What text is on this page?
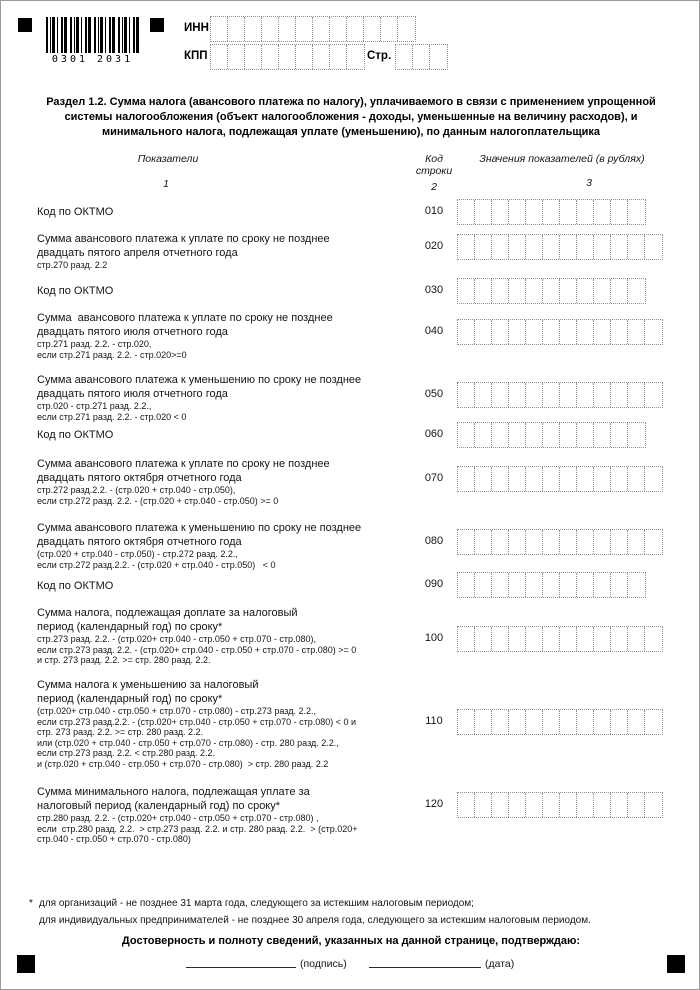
0301 2031
ИНН
КПП	Стр.
Раздел 1.2. Сумма налога (авансового платежа по налогу), уплачиваемого в связи с применением упрощенной системы налогообложения (объект налогообложения - доходы, уменьшенные на величину расходов), и минимального налога, подлежащая уплате (уменьшению), по данным налогоплательщика
Показатели	Код
строки
Значения показателей (в рублях)
1	2	3
Код по ОКТМО	010
Сумма авансового платежа к уплате по сроку не позднее
двадцать пятого апреля отчетного года
стр.270 разд. 2.2
020
Код по ОКТМО	030
Сумма  авансового платежа к уплате по сроку не позднее
двадцать пятого июля отчетного года
стр.271 разд. 2.2. - стр.020,
если стр.271 разд. 2.2. - стр.020>=0
040
Сумма авансового платежа к уменьшению по сроку не позднее
двадцать пятого июля отчетного года
стр.020 - стр.271 разд. 2.2.,
если стр.271 разд. 2.2. - стр.020 < 0
050
Код по ОКТМО	060
Сумма авансового платежа к уплате по сроку не позднее
двадцать пятого октября отчетного года
стр.272 разд.2.2. - (стр.020 + стр.040 - стр.050),
если стр.272 разд. 2.2. - (стр.020 + стр.040 - стр.050) >= 0
070
Сумма авансового платежа к уменьшению по сроку не позднее
двадцать пятого октября отчетного года
(стр.020 + стр.040 - стр.050) - стр.272 разд. 2.2.,
если стр.272 разд.2.2. - (стр.020 + стр.040 - стр.050)   < 0
080
Код по ОКТМО	090
Сумма налога, подлежащая доплате за налоговый
период (календарный год) по сроку*
стр.273 разд. 2.2. - (стр.020+ стр.040 - стр.050 + стр.070 - стр.080),
если стр.273 разд. 2.2. - (стр.020+ стр.040 - стр.050 + стр.070 - стр.080) >= 0
и стр. 273 разд. 2.2. >= стр. 280 разд. 2.2.
100
Сумма налога к уменьшению за налоговый
период (календарный год) по сроку*
(стр.020+ стр.040 - стр.050 + стр.070 - стр.080) - стр.273 разд. 2.2.,
если стр.273 разд.2.2. - (стр.020+ стр.040 - стр.050 + стр.070 - стр.080) < 0 и
стр. 273 разд. 2.2. >= стр. 280 разд. 2.2.
или (стр.020 + стр.040 - стр.050 + стр.070 - стр.080) - стр. 280 разд. 2.2.,
если стр.273 разд. 2.2. < стр.280 разд. 2.2.
и (стр.020 + стр.040 - стр.050 + стр.070 - стр.080)  > стр. 280 разд. 2.2
110
Сумма минимального налога, подлежащая уплате за
налоговый период (календарный год) по сроку*
стр.280 разд. 2.2. - (стр.020+ стр.040 - стр.050 + стр.070 - стр.080) ,
если  стр.280 разд. 2.2.  > стр.273 разд. 2.2. и стр. 280 разд. 2.2.  > (стр.020+
стр.040 - стр.050 + стр.070 - стр.080)
120
* для организаций - не позднее 31 марта года, следующего за истекшим налоговым периодом;
для индивидуальных предпринимателей - не позднее 30 апреля года, следующего за истекшим налоговым периодом.
Достоверность и полноту сведений, указанных на данной странице, подтверждаю:
(подпись)	(дата)
